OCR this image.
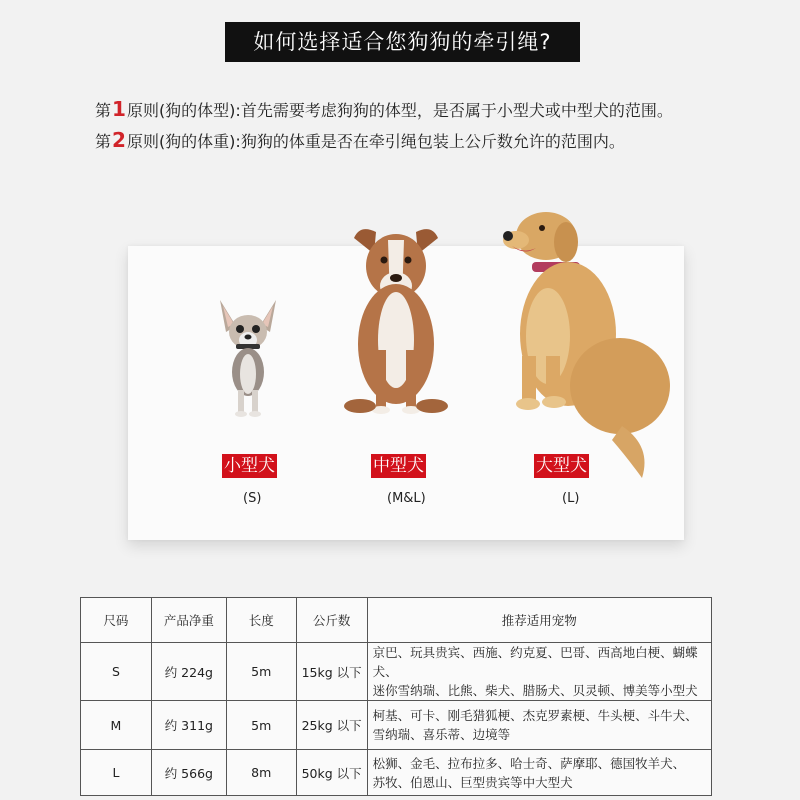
如何选择适合您狗狗的牵引绳?
第1原则(狗的体型):首先需要考虑狗狗的体型，是否属于小型犬或中型犬的范围。
第2原则(狗的体重):狗狗的体重是否在牵引绳包装上公斤数允许的范围内。
小型犬	中型犬	大型犬
(S)	(M&L)	(L)
尺码	产品净重	长度	公斤数	推荐适用宠物
S	约 224g	5m	15kg 以下	京巴、玩具贵宾、西施、约克夏、巴哥、西高地白梗、蝴蝶犬、
迷你雪纳瑞、比熊、柴犬、腊肠犬、贝灵顿、博美等小型犬

M	约 311g	5m	25kg 以下	柯基、可卡、刚毛猎狐梗、杰克罗素梗、牛头梗、斗牛犬、
雪纳瑞、喜乐蒂、边境等

L	约 566g	8m	50kg 以下	松狮、金毛、拉布拉多、哈士奇、萨摩耶、德国牧羊犬、
苏牧、伯恩山、巨型贵宾等中大型犬
